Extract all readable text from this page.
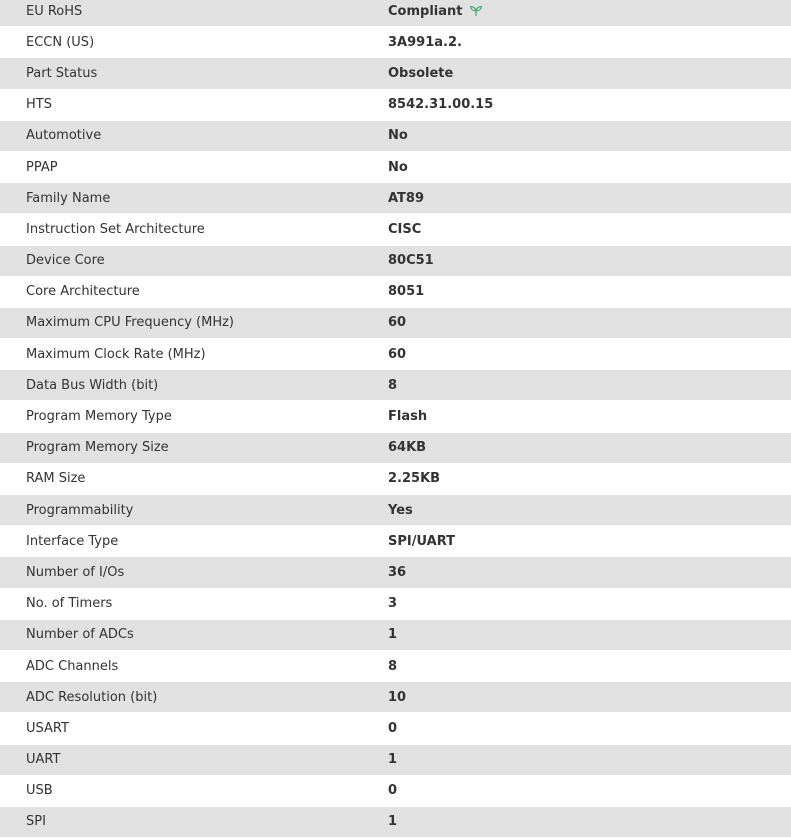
EU RoHS	Compliant
ECCN (US)	3A991a.2.
Part Status	Obsolete
HTS	8542.31.00.15
Automotive	No
PPAP	No
Family Name	AT89
Instruction Set Architecture	CISC
Device Core	80C51
Core Architecture	8051
Maximum CPU Frequency (MHz)	60
Maximum Clock Rate (MHz)	60
Data Bus Width (bit)	8
Program Memory Type	Flash
Program Memory Size	64KB
RAM Size	2.25KB
Programmability	Yes
Interface Type	SPI/UART
Number of I/Os	36
No. of Timers	3
Number of ADCs	1
ADC Channels	8
ADC Resolution (bit)	10
USART	0
UART	1
USB	0
SPI	1
